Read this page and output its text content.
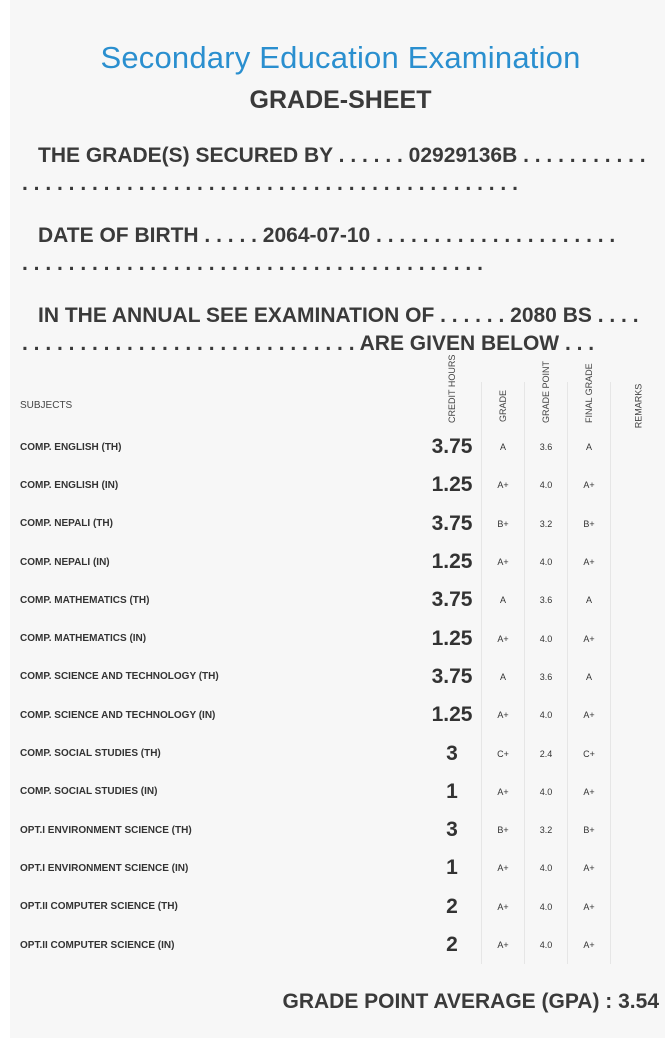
Secondary Education Examination
GRADE-SHEET
THE GRADE(S) SECURED BY . . . . . . 02929136B . . . . . . . . . . .
. . . . . . . . . . . . . . . . . . . . . . . . . . . . . . . . . . . . . . . . . . .
DATE OF BIRTH . . . . . 2064-07-10 . . . . . . . . . . . . . . . . . . . . .
. . . . . . . . . . . . . . . . . . . . . . . . . . . . . . . . . . . . . . . .
IN THE ANNUAL SEE EXAMINATION OF . . . . . . 2080 BS . . . .
. . . . . . . . . . . . . . . . . . . . . . . . . . . . . ARE GIVEN BELOW . . .
SUBJECTS	CREDIT HOURS	GRADE	GRADE POINT	FINAL GRADE	REMARKS
COMP. ENGLISH (TH)	3.75	A	3.6	A	
COMP. ENGLISH (IN)	1.25	A+	4.0	A+	
COMP. NEPALI (TH)	3.75	B+	3.2	B+	
COMP. NEPALI (IN)	1.25	A+	4.0	A+	
COMP. MATHEMATICS (TH)	3.75	A	3.6	A	
COMP. MATHEMATICS (IN)	1.25	A+	4.0	A+	
COMP. SCIENCE AND TECHNOLOGY (TH)	3.75	A	3.6	A	
COMP. SCIENCE AND TECHNOLOGY (IN)	1.25	A+	4.0	A+	
COMP. SOCIAL STUDIES (TH)	3	C+	2.4	C+	
COMP. SOCIAL STUDIES (IN)	1	A+	4.0	A+	
OPT.I ENVIRONMENT SCIENCE (TH)	3	B+	3.2	B+	
OPT.I ENVIRONMENT SCIENCE (IN)	1	A+	4.0	A+	
OPT.II COMPUTER SCIENCE (TH)	2	A+	4.0	A+	
OPT.II COMPUTER SCIENCE (IN)	2	A+	4.0	A+	
GRADE POINT AVERAGE (GPA) : 3.54
